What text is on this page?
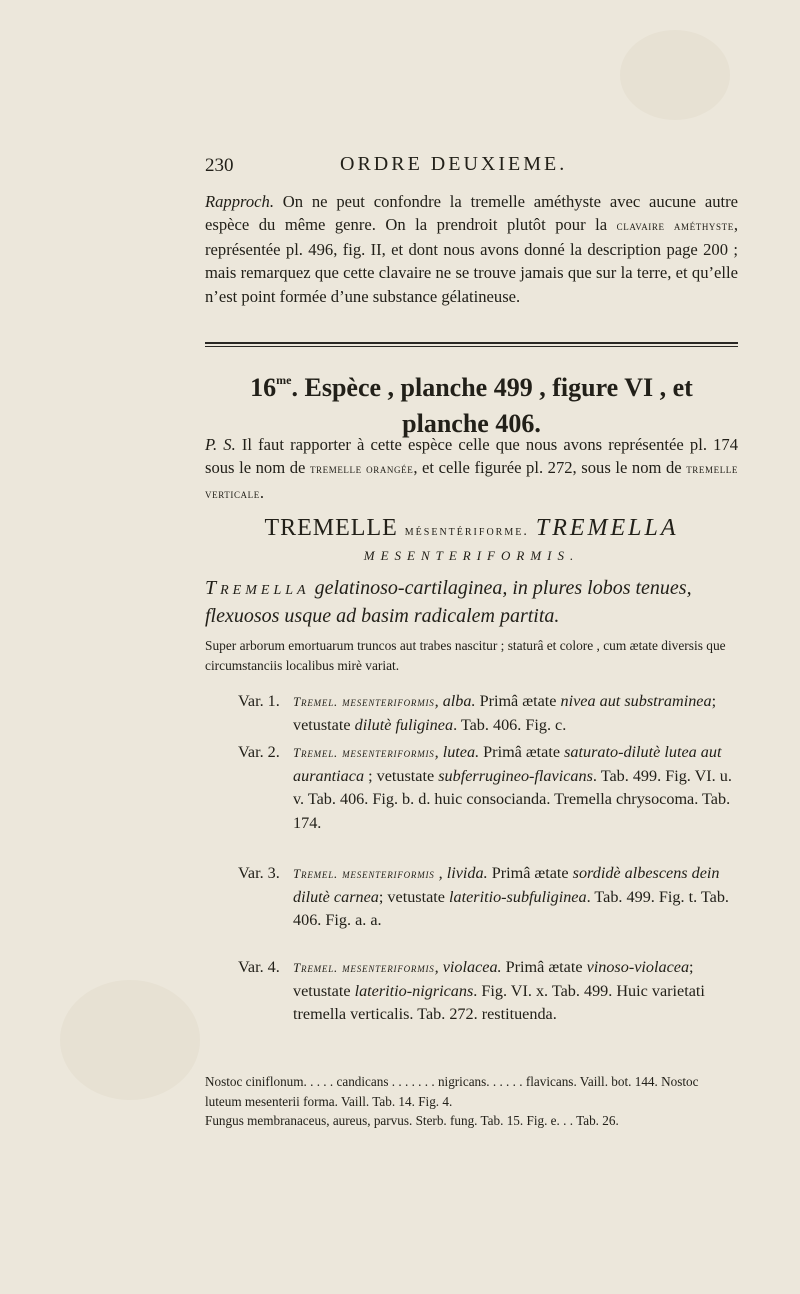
230	ORDRE DEUXIEME.

Rapproch. On ne peut confondre la tremelle améthyste avec aucune autre espèce du même genre. On la prendroit plutôt pour la clavaire améthyste, représentée pl. 496, fig. II, et dont nous avons donné la description page 200 ; mais remarquez que cette clavaire ne se trouve jamais que sur la terre, et qu’elle n’est point formée d’une substance gélatineuse.

$16^{me}$. Espèce , planche 499 , figure VI , et planche 406.

P. S. Il faut rapporter à cette espèce celle que nous avons représentée pl. 174 sous le nom de tremelle orangée, et celle figurée pl. 272, sous le nom de tremelle verticale.

TREMELLE mésentériforme. TREMELLA

MESENTERIFORMIS.

Tremella gelatinoso-cartilaginea, in plures lobos tenues, flexuosos usque ad basim radicalem partita.

Super arborum emortuarum truncos aut trabes nascitur ; staturâ et colore , cum ætate diversis que circumstanciis localibus mirè variat.

Var. 1.	Tremel. mesenteriformis, alba. Primâ ætate nivea aut substraminea; vetustate dilutè fuliginea. Tab. 406. Fig. c.
Var. 2.	Tremel. mesenteriformis, lutea. Primâ ætate saturato-dilutè lutea aut aurantiaca ; vetustate subferrugineo-flavicans. Tab. 499. Fig. VI. u. v. Tab. 406. Fig. b. d. huic consocianda. Tremella chrysocoma. Tab. 174.
Var. 3.	Tremel. mesenteriformis , livida. Primâ ætate sordidè albescens dein dilutè carnea; vetustate lateritio-subfuliginea. Tab. 499. Fig. t. Tab. 406. Fig. a. a.
Var. 4.	Tremel. mesenteriformis, violacea. Primâ ætate vinoso-violacea; vetustate lateritio-nigricans. Fig. VI. x. Tab. 499. Huic varietati tremella verticalis. Tab. 272. restituenda.

Nostoc ciniflonum. . . . . candicans . . . . . . . nigricans. . . . . . flavicans. Vaill. bot. 144. Nostoc luteum mesenterii forma. Vaill. Tab. 14. Fig. 4.

Fungus membranaceus, aureus, parvus. Sterb. fung. Tab. 15. Fig. e. . . Tab. 26.
